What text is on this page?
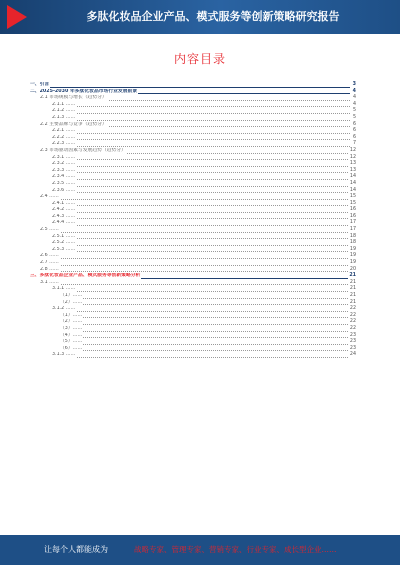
多肽化妆品企业产品、模式服务等创新策略研究报告
内容目录
一、引言	3
二、2025-2030 年多肽化妆品市场行业发展前景	4
2.1 市场规模与增长（趋势分）	4
2.1.1 ……	4
2.1.2 ……	5
2.1.3 ……	5
2.2 主要品牌与竞争（趋势分）	6
2.2.1 ……	6
2.2.2 ……	6
2.2.3 ……	7
2.3 市场驱动因素与发展趋势（趋势分）	12
2.3.1 ……	12
2.3.2 ……	13
2.3.3 ……	13
2.3.4 ……	14
2.3.5 ……	14
2.3.6 ……	14
2.4 ……	15
2.4.1 ……	15
2.4.2 ……	16
2.4.3 ……	16
2.4.4 ……	17
2.5 ……	17
2.5.1 ……	18
2.5.2 ……	18
2.5.3 ……	19
2.6 ……	19
2.7 ……	19
2.8 ……	20
三、多肽化妆品企业产品、模式服务等创新策略分析	21
3.1 ……	21
3.1.1 ……	21
（1）……	21
（2）……	21
3.1.2 ……	22
（1）……	22
（2）……	22
（3）……	22
（4）……	23
（5）……	23
（6）……	23
3.1.3 ……	24
让每个人都能成为	战略专家、管理专家、营销专家、行业专家、成长型企业……
